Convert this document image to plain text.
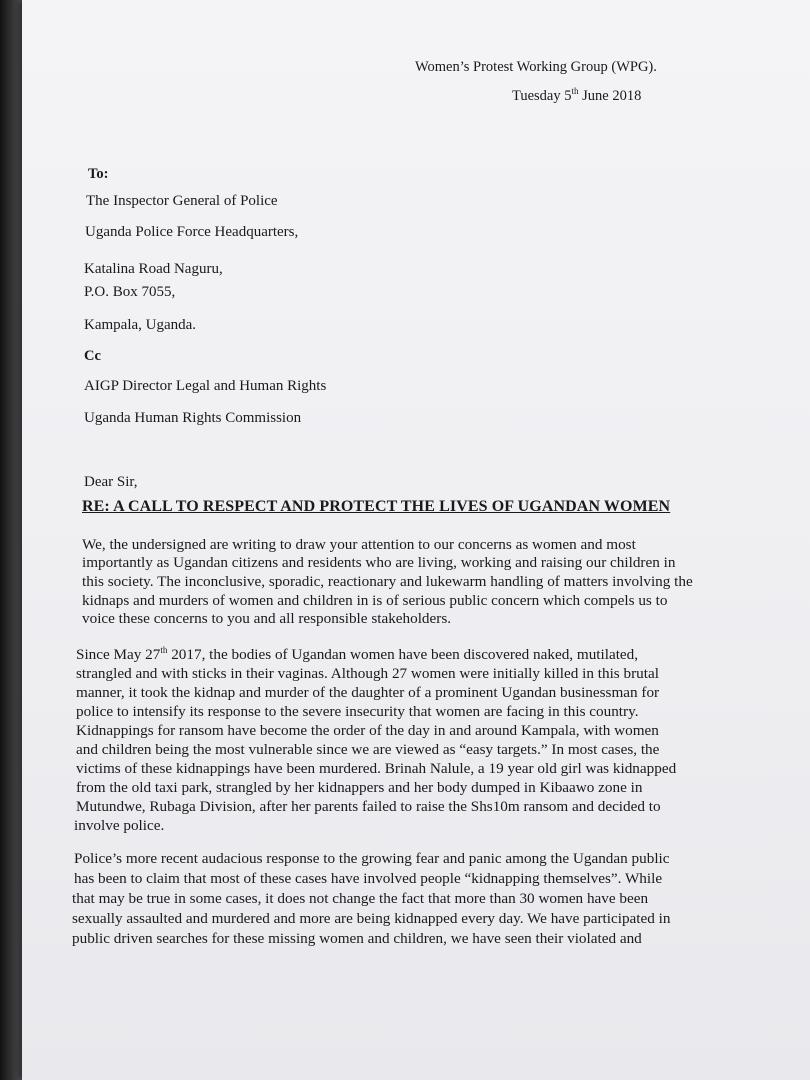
Women’s Protest Working Group (WPG).
Tuesday 5th June 2018
To:
The Inspector General of Police
Uganda Police Force Headquarters,
Katalina Road Naguru,
P.O. Box 7055,
Kampala, Uganda.
Cc
AIGP Director Legal and Human Rights
Uganda Human Rights Commission
Dear Sir,
RE: A CALL TO RESPECT AND PROTECT THE LIVES OF UGANDAN WOMEN
We, the undersigned are writing to draw your attention to our concerns as women and most
importantly as Ugandan citizens and residents who are living, working and raising our children in
this society. The inconclusive, sporadic, reactionary and lukewarm handling of matters involving the
kidnaps and murders of women and children in is of serious public concern which compels us to
voice these concerns to you and all responsible stakeholders.
Since May 27th 2017, the bodies of Ugandan women have been discovered naked, mutilated,
strangled and with sticks in their vaginas. Although 27 women were initially killed in this brutal
manner, it took the kidnap and murder of the daughter of a prominent Ugandan businessman for
police to intensify its response to the severe insecurity that women are facing in this country.
Kidnappings for ransom have become the order of the day in and around Kampala, with women
and children being the most vulnerable since we are viewed as “easy targets.” In most cases, the
victims of these kidnappings have been murdered. Brinah Nalule, a 19 year old girl was kidnapped
from the old taxi park, strangled by her kidnappers and her body dumped in Kibaawo zone in
Mutundwe, Rubaga Division, after her parents failed to raise the Shs10m ransom and decided to
involve police.
Police’s more recent audacious response to the growing fear and panic among the Ugandan public
has been to claim that most of these cases have involved people “kidnapping themselves”. While
that may be true in some cases, it does not change the fact that more than 30 women have been
sexually assaulted and murdered and more are being kidnapped every day. We have participated in
public driven searches for these missing women and children, we have seen their violated and
